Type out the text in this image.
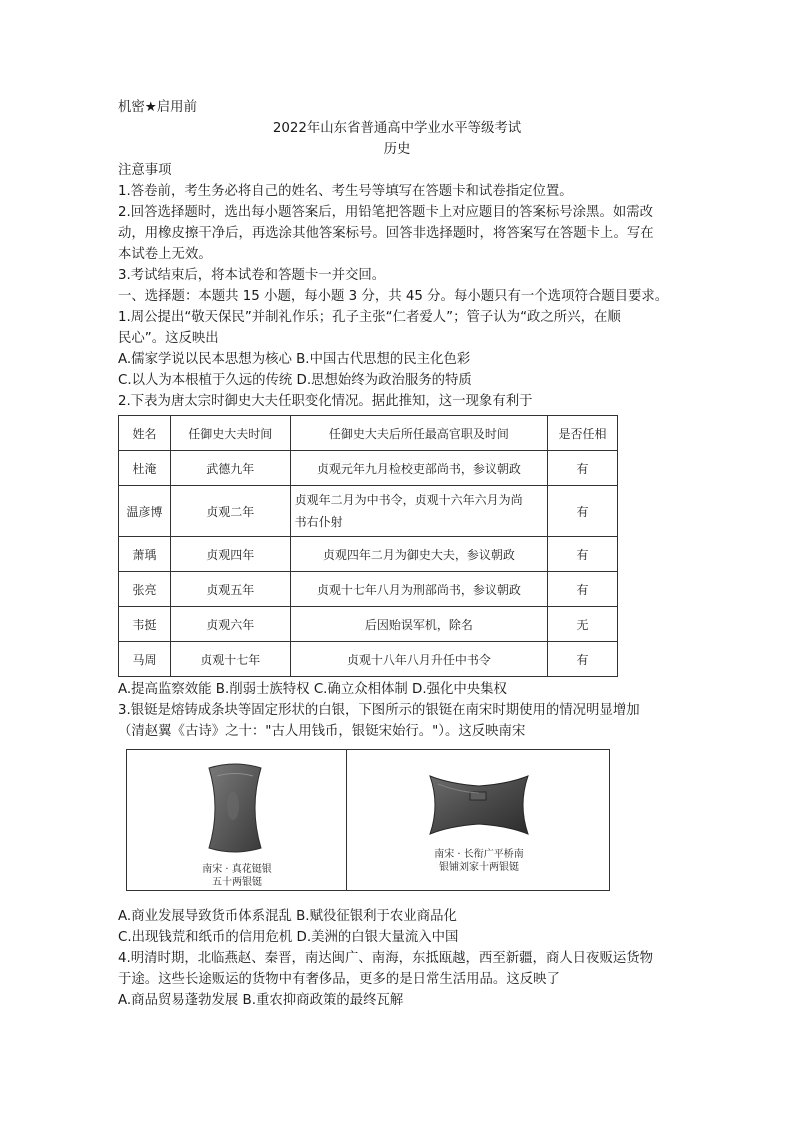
机密★启用前
2022年山东省普通高中学业水平等级考试
历史
注意事项
1.答卷前，考生务必将自己的姓名、考生号等填写在答题卡和试卷指定位置。
2.回答选择题时，选出每小题答案后，用铅笔把答题卡上对应题目的答案标号涂黑。如需改
动，用橡皮擦干净后，再选涂其他答案标号。回答非选择题时，将答案写在答题卡上。写在
本试卷上无效。
3.考试结束后，将本试卷和答题卡一并交回。
一、选择题：本题共 15 小题，每小题 3 分，共 45 分。每小题只有一个选项符合题目要求。
1.周公提出“敬天保民”并制礼作乐；孔子主张“仁者爱人”；管子认为“政之所兴，在顺
民心”。这反映出
A.儒家学说以民本思想为核心 B.中国古代思想的民主化色彩
C.以人为本根植于久远的传统 D.思想始终为政治服务的特质
2.下表为唐太宗时御史大夫任职变化情况。据此推知，这一现象有利于
姓名	任御史大夫时间	任御史大夫后所任最高官职及时间	是否任相
杜淹	武德九年	贞观元年九月检校吏部尚书，参议朝政	有
温彦博	贞观二年	贞观年二月为中书令，贞观十六年六月为尚
书右仆射	有
萧瑀	贞观四年	贞观四年二月为御史大夫，参议朝政	有
张亮	贞观五年	贞观十七年八月为刑部尚书，参议朝政	有
韦挺	贞观六年	后因贻误军机，除名	无
马周	贞观十七年	贞观十八年八月升任中书令	有
A.提高监察效能 B.削弱士族特权 C.确立众相体制 D.强化中央集权
3.银铤是熔铸成条块等固定形状的白银，下图所示的银铤在南宋时期使用的情况明显增加
（清赵翼《古诗》之十："古人用钱币，银铤宋始行。"）。这反映南宋
南宋 · 真花铤银
五十两银铤
南宋 · 长衔广平桥南
银铺刘家十两银铤
A.商业发展导致货币体系混乱 B.赋役征银利于农业商品化
C.出现钱荒和纸币的信用危机 D.美洲的白银大量流入中国
4.明清时期，北临燕赵、秦晋，南达闽广、南海，东抵瓯越，西至新疆，商人日夜贩运货物
于途。这些长途贩运的货物中有奢侈品，更多的是日常生活用品。这反映了
A.商品贸易蓬勃发展 B.重农抑商政策的最终瓦解
